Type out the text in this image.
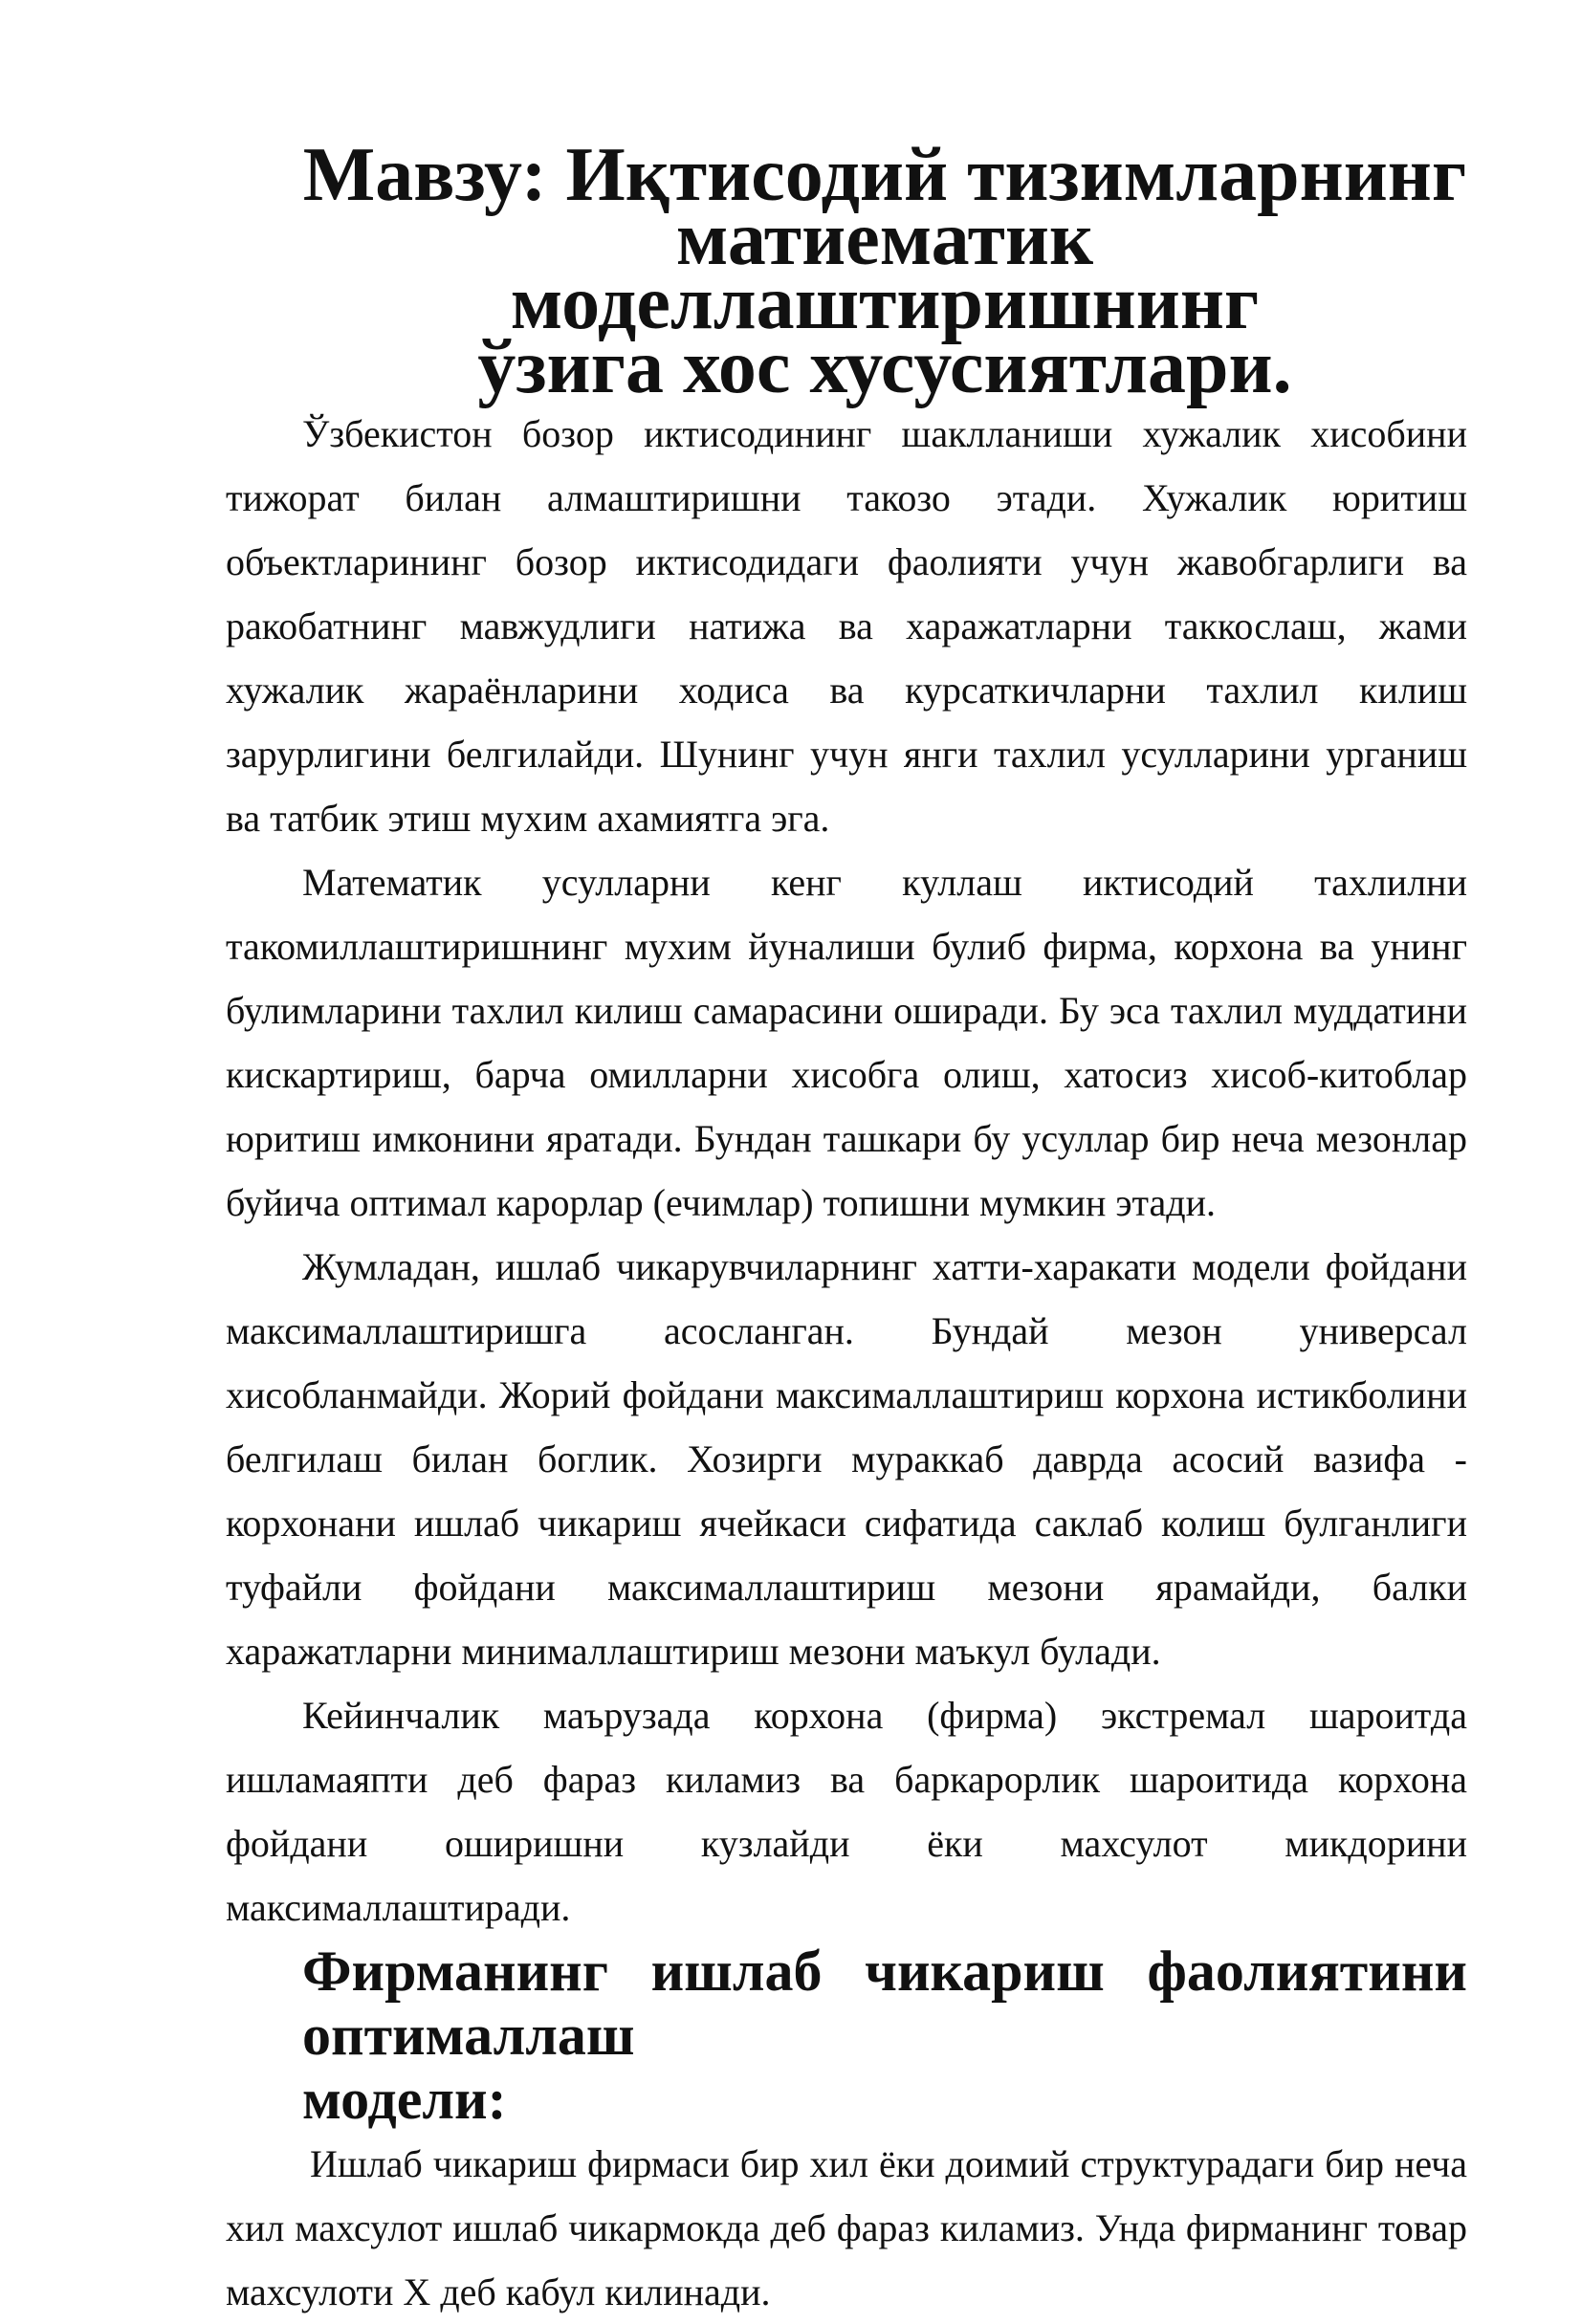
Мавзу: Иқтисодий тизимларнинг матиематик моделлаштиришнинг
ўзига хос хусусиятлари.

Ўзбекистон бозор иктисодининг шаклланиши хужалик хисобини тижорат билан алмаштиришни такозо этади. Хужалик юритиш объектларининг бозор иктисодидаги фаолияти учун жавобгарлиги ва ракобатнинг мавжудлиги натижа ва харажатларни таккослаш, жами хужалик жараёнларини ходиса ва курсаткичларни тахлил килиш зарурлигини белгилайди. Шунинг учун янги тахлил усулларини урганиш ва татбик этиш мухим ахамиятга эга.

Математик усулларни кенг куллаш иктисодий тахлилни такомиллаштиришнинг мухим йуналиши булиб фирма, корхона ва унинг булимларини тахлил килиш самарасини оширади. Бу эса тахлил муддатини кискартириш, барча омилларни хисобга олиш, хатосиз хисоб-китоблар юритиш имконини яратади. Бундан ташкари бу усуллар бир неча мезонлар буйича оптимал карорлар (ечимлар) топишни мумкин этади.

Жумладан, ишлаб чикарувчиларнинг хатти-харакати модели фойдани максималлаштиришга асосланган. Бундай мезон универсал хисобланмайди. Жорий фойдани максималлаштириш корхона истикболини белгилаш билан боглик. Хозирги мураккаб даврда асосий вазифа - корхонани ишлаб чикариш ячейкаси сифатида саклаб колиш булганлиги туфайли фойдани максималлаштириш мезони ярамайди, балки харажатларни минималлаштириш мезони маъкул булади.

Кейинчалик маърузада корхона (фирма) экстремал шароитда ишламаяпти деб фараз киламиз ва баркарорлик шароитида корхона фойдани оширишни кузлайди ёки махсулот микдорини максималлаштиради.

Фирманинг ишлаб чикариш фаолиятини оптималлаш
модели:

Ишлаб чикариш фирмаси бир хил ёки доимий структурадаги бир неча хил махсулот ишлаб чикармокда деб фараз киламиз. Унда фирманинг товар махсулоти X деб кабул килинади.
